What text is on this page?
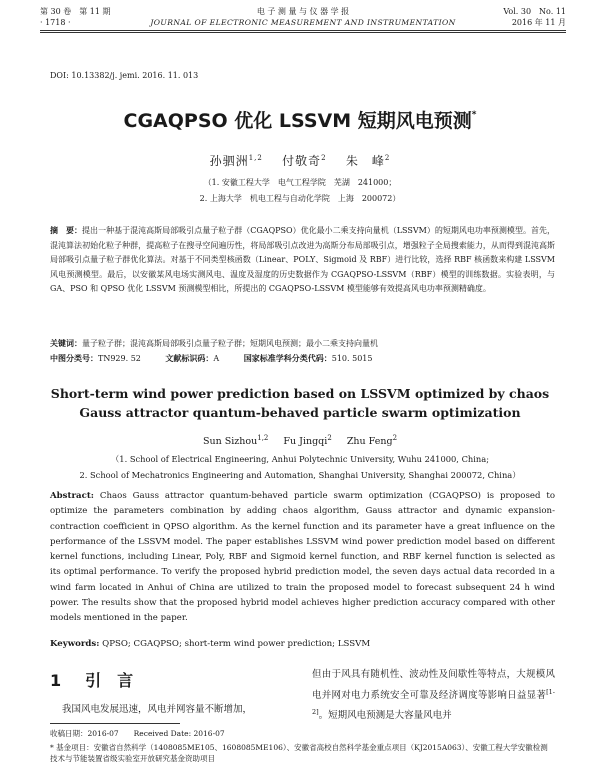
第 30 卷　第 11 期
· 1718 ·
电 子 测 量 与 仪 器 学 报
JOURNAL OF ELECTRONIC MEASUREMENT AND INSTRUMENTATION
Vol. 30　No. 11
2016 年 11 月
DOI: 10.13382/j. jemi. 2016. 11. 013
CGAQPSO 优化 LSSVM 短期风电预测*
孙驷洲$^{1,2}$ 付敬奇$^2$ 朱　峰$^2$
（1. 安徽工程大学　电气工程学院　芜湖　241000；
2. 上海大学　机电工程与自动化学院　上海　200072）
摘　要：提出一种基于混沌高斯局部吸引点量子粒子群（CGAQPSO）优化最小二乘支持向量机（LSSVM）的短期风电功率预测模型。首先，混沌算法初始化粒子种群，提高粒子在搜寻空间遍历性，将局部吸引点改进为高斯分布局部吸引点，增强粒子全局搜索能力，从而得到混沌高斯局部吸引点量子粒子群优化算法。对基于不同类型核函数（Linear、POLY、Sigmoid 及 RBF）进行比较，选择 RBF 核函数来构建 LSSVM 风电预测模型。最后，以安徽某风电场实测风电、温度及湿度的历史数据作为 CGAQPSO-LSSVM（RBF）模型的训练数据。实验表明，与 GA、PSO 和 QPSO 优化 LSSVM 预测模型相比，所提出的 CGAQPSO-LSSVM 模型能够有效提高风电功率预测精确度。
关键词：量子粒子群；混沌高斯局部吸引点量子粒子群；短期风电预测；最小二乘支持向量机
中图分类号：TN929. 52	文献标识码：A	国家标准学科分类代码：510. 5015
Short-term wind power prediction based on LSSVM optimized by chaos
Gauss attractor quantum-behaved particle swarm optimization
Sun Sizhou$^{1,2}$ Fu Jingqi$^2$ Zhu Feng$^2$
（1. School of Electrical Engineering, Anhui Polytechnic University, Wuhu 241000, China;
2. School of Mechatronics Engineering and Automation, Shanghai University, Shanghai 200072, China）
Abstract: Chaos Gauss attractor quantum-behaved particle swarm optimization (CGAQPSO) is proposed to optimize the parameters combination by adding chaos algorithm, Gauss attractor and dynamic expansion-contraction coefficient in QPSO algorithm. As the kernel function and its parameter have a great influence on the performance of the LSSVM model. The paper establishes LSSVM wind power prediction model based on different kernel functions, including Linear, Poly, RBF and Sigmoid kernel function, and RBF kernel function is selected as its optimal performance. To verify the proposed hybrid prediction model, the seven days actual data recorded in a wind farm located in Anhui of China are utilized to train the proposed model to forecast subsequent 24 h wind power. The results show that the proposed hybrid model achieves higher prediction accuracy compared with other models mentioned in the paper.
Keywords: QPSO; CGAQPSO; short-term wind power prediction; LSSVM
1 引言
我国风电发展迅速，风电并网容量不断增加，
但由于风具有随机性、波动性及间歇性等特点，大规模风电并网对电力系统安全可靠及经济调度等影响日益显著[1-2]。短期风电预测是大容量风电并
收稿日期：2016-07　　Received Date: 2016-07
* 基金项目：安徽省自然科学（1408085ME105、1608085ME106）、安徽省高校自然科学基金重点项目（KJ2015A063）、安徽工程大学安徽检测技术与节能装置省级实验室开放研究基金资助项目
